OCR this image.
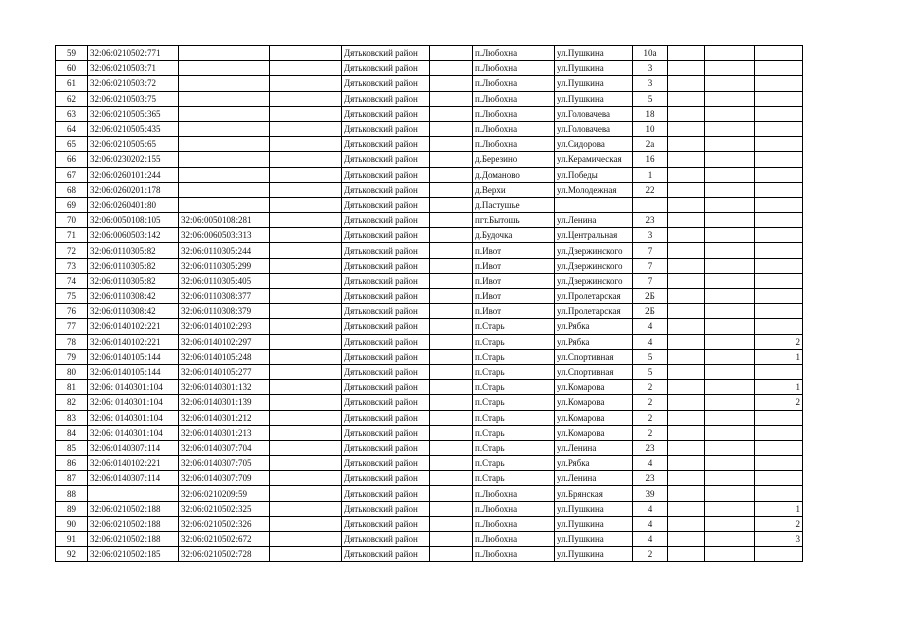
59	32:06:0210502:771			Дятьковский район		п.Любохна	ул.Пушкина	10а			
60	32:06:0210503:71			Дятьковский район		п.Любохна	ул.Пушкина	3			
61	32:06:0210503:72			Дятьковский район		п.Любохна	ул.Пушкина	3			
62	32:06:0210503:75			Дятьковский район		п.Любохна	ул.Пушкина	5			
63	32:06:0210505:365			Дятьковский район		п.Любохна	ул.Головачева	18			
64	32:06:0210505:435			Дятьковский район		п.Любохна	ул.Головачева	10			
65	32:06:0210505:65			Дятьковский район		п.Любохна	ул.Сидорова	2а			
66	32:06:0230202:155			Дятьковский район		д.Березино	ул.Керамическая	16			
67	32:06:0260101:244			Дятьковский район		д.Доманово	ул.Победы	1			
68	32:06:0260201:178			Дятьковский район		д.Верхи	ул.Молодежная	22			
69	32:06:0260401:80			Дятьковский район		д.Пастушье					
70	32:06:0050108:105	32:06:0050108:281		Дятьковский район		пгт.Бытошь	ул.Ленина	23			
71	32:06:0060503:142	32:06:0060503:313		Дятьковский район		д.Будочка	ул.Центральная	3			
72	32:06:0110305:82	32:06:0110305:244		Дятьковский район		п.Ивот	ул.Дзержинского	7			
73	32:06:0110305:82	32:06:0110305:299		Дятьковский район		п.Ивот	ул.Дзержинского	7			
74	32:06:0110305:82	32:06:0110305:405		Дятьковский район		п.Ивот	ул.Дзержинского	7			
75	32:06:0110308:42	32:06:0110308:377		Дятьковский район		п.Ивот	ул.Пролетарская	2Б			
76	32:06:0110308:42	32:06:0110308:379		Дятьковский район		п.Ивот	ул.Пролетарская	2Б			
77	32:06:0140102:221	32:06:0140102:293		Дятьковский район		п.Старь	ул.Рябка	4			
78	32:06:0140102:221	32:06:0140102:297		Дятьковский район		п.Старь	ул.Рябка	4			2
79	32:06:0140105:144	32:06:0140105:248		Дятьковский район		п.Старь	ул.Спортивная	5			1
80	32:06:0140105:144	32:06:0140105:277		Дятьковский район		п.Старь	ул.Спортивная	5			
81	32:06: 0140301:104	32:06:0140301:132		Дятьковский район		п.Старь	ул.Комарова	2			1
82	32:06: 0140301:104	32:06:0140301:139		Дятьковский район		п.Старь	ул.Комарова	2			2
83	32:06: 0140301:104	32:06:0140301:212		Дятьковский район		п.Старь	ул.Комарова	2			
84	32:06: 0140301:104	32:06:0140301:213		Дятьковский район		п.Старь	ул.Комарова	2			
85	32:06:0140307:114	32:06:0140307:704		Дятьковский район		п.Старь	ул.Ленина	23			
86	32:06:0140102:221	32:06:0140307:705		Дятьковский район		п.Старь	ул.Рябка	4			
87	32:06:0140307:114	32:06:0140307:709		Дятьковский район		п.Старь	ул.Ленина	23			
88		32:06:0210209:59		Дятьковский район		п.Любохна	ул.Брянская	39			
89	32:06:0210502:188	32:06:0210502:325		Дятьковский район		п.Любохна	ул.Пушкина	4			1
90	32:06:0210502:188	32:06:0210502:326		Дятьковский район		п.Любохна	ул.Пушкина	4			2
91	32:06:0210502:188	32:06:0210502:672		Дятьковский район		п.Любохна	ул.Пушкина	4			3
92	32:06:0210502:185	32:06:0210502:728		Дятьковский район		п.Любохна	ул.Пушкина	2			
